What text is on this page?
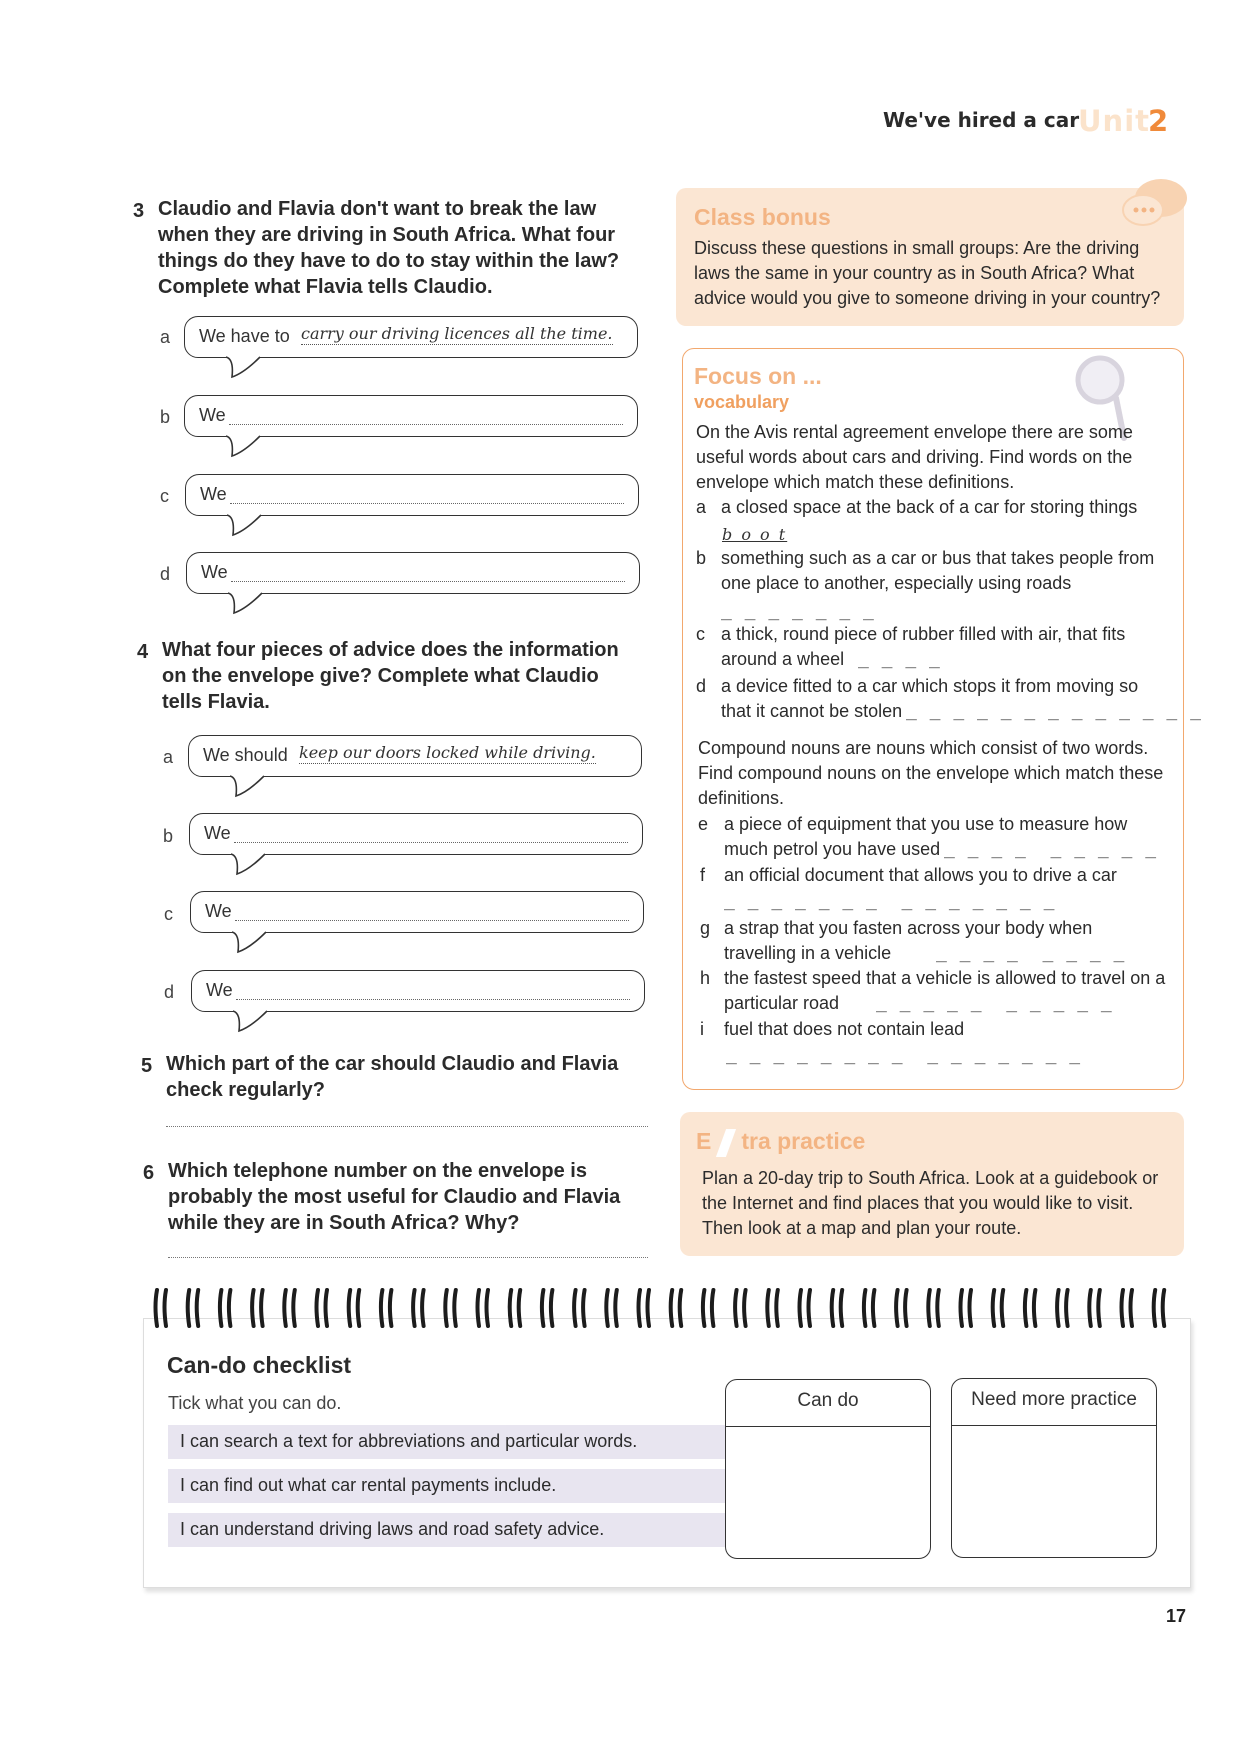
We've hired a car
Unit
2
3 Claudio and Flavia don't want to break the law when they are driving in South Africa. What four things do they have to do to stay within the law? Complete what Flavia tells Claudio.
a We have to carry our driving licences all the time.
b We
c We
d We
4 What four pieces of advice does the information on the envelope give? Complete what Claudio tells Flavia.
a We should keep our doors locked while driving.
b We
c We
d We
5 Which part of the car should Claudio and Flavia check regularly?
6 Which telephone number on the envelope is probably the most useful for Claudio and Flavia while they are in South Africa? Why?
Class bonus
Discuss these questions in small groups: Are the driving laws the same in your country as in South Africa? What advice would you give to someone driving in your country?
Focus on ...
vocabulary
On the Avis rental agreement envelope there are some useful words about cars and driving. Find words on the envelope which match these definitions.
a a closed space at the back of a car for storing things
b o o t
b something such as a car or bus that takes people from one place to another, especially using roads
_ _ _ _ _ _ _
c a thick, round piece of rubber filled with air, that fits around a wheel _ _ _ _
d a device fitted to a car which stops it from moving so that it cannot be stolen _ _ _ _ _ _ _ _ _ _ _ _ _
Compound nouns are nouns which consist of two words. Find compound nouns on the envelope which match these definitions.
e a piece of equipment that you use to measure how much petrol you have used _ _ _ _  _ _ _ _ _
f an official document that allows you to drive a car
_ _ _ _ _ _ _  _ _ _ _ _ _ _
g a strap that you fasten across your body when travelling in a vehicle	_ _ _ _  _ _ _ _
h the fastest speed that a vehicle is allowed to travel on a particular road	_ _ _ _ _  _ _ _ _ _
i fuel that does not contain lead
_ _ _ _ _ _ _ _  _ _ _ _ _ _ _
E tra practice
Plan a 20-day trip to South Africa. Look at a guidebook or the Internet and find places that you would like to visit. Then look at a map and plan your route.
Can-do checklist
Tick what you can do.
I can search a text for abbreviations and particular words.
I can find out what car rental payments include.
I can understand driving laws and road safety advice.
Can do	Need more practice
17
